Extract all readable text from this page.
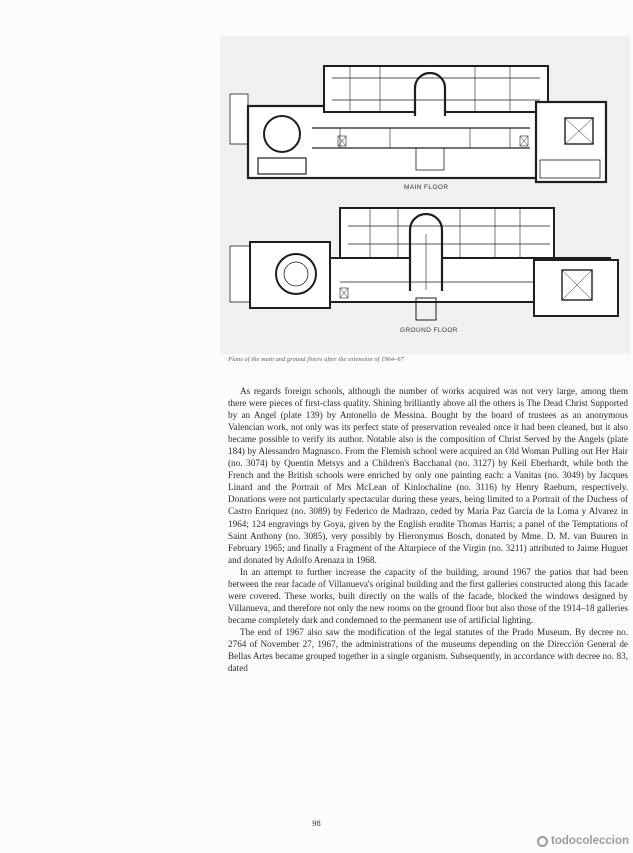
MAIN FLOOR
GROUND FLOOR
Plans of the main and ground floors after the extension of 1964–67

As regards foreign schools, although the number of works acquired was not very large, among them there were pieces of first-class quality. Shining brilliantly above all the others is The Dead Christ Supported by an Angel (plate 139) by Antonello de Messina. Bought by the board of trustees as an anonymous Valencian work, not only was its perfect state of preservation revealed once it had been cleaned, but it also became possible to verify its author. Notable also is the composition of Christ Served by the Angels (plate 184) by Alessandro Magnasco. From the Flemish school were acquired an Old Woman Pulling out Her Hair (no. 3074) by Quentin Metsys and a Children's Bacchanal (no. 3127) by Keil Eberhardt, while both the French and the British schools were enriched by only one painting each: a Vanitas (no. 3049) by Jacques Linard and the Portrait of Mrs McLean of Kinlochaline (no. 3116) by Henry Raeburn, respectively. Donations were not particularly spectacular during these years, being limited to a Portrait of the Duchess of Castro Enriquez (no. 3089) by Federico de Madrazo, ceded by María Paz García de la Loma y Alvarez in 1964; 124 engravings by Goya, given by the English erudite Thomas Harris; a panel of the Temptations of Saint Anthony (no. 3085), very possibly by Hieronymus Bosch, donated by Mme. D. M. van Buuren in February 1965; and finally a Fragment of the Altarpiece of the Virgin (no. 3211) attributed to Jaime Huguet and donated by Adolfo Arenaza in 1968.

In an attempt to further increase the capacity of the building, around 1967 the patios that had been between the rear facade of Villanueva's original building and the first galleries constructed along this facade were covered. These works, built directly on the walls of the facade, blocked the windows designed by Villanueva, and therefore not only the new rooms on the ground floor but also those of the 1914–18 galleries became completely dark and condemned to the permanent use of artificial lighting.

The end of 1967 also saw the modification of the legal statutes of the Prado Museum. By decree no. 2764 of November 27, 1967, the administrations of the museums depending on the Dirección General de Bellas Artes became grouped together in a single organism. Subsequently, in accordance with decree no. 83, dated

98
todocoleccion
